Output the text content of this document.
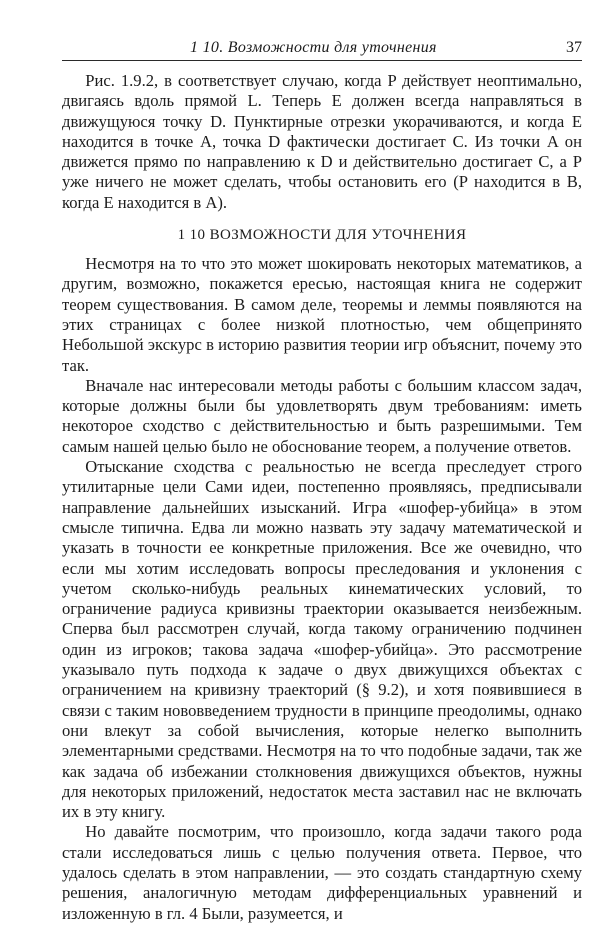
1 10. Возможности для уточнения	37

Рис. 1.9.2, в соответствует случаю, когда P действует неоптимально, двигаясь вдоль прямой L. Теперь E должен всегда направляться в движущуюся точку D. Пунктирные отрезки укорачиваются, и когда E находится в точке A, точка D фактически достигает C. Из точки A он движется прямо по направлению к D и действительно достигает C, а P уже ничего не может сделать, чтобы остановить его (P находится в B, когда E находится в A).

1 10 ВОЗМОЖНОСТИ ДЛЯ УТОЧНЕНИЯ

Несмотря на то что это может шокировать некоторых математиков, а другим, возможно, покажется ересью, настоящая книга не содержит теорем существования. В самом деле, теоремы и леммы появляются на этих страницах с более низкой плотностью, чем общепринято Небольшой экскурс в историю развития теории игр объяснит, почему это так.

Вначале нас интересовали методы работы с большим классом задач, которые должны были бы удовлетворять двум требованиям: иметь некоторое сходство с действительностью и быть разрешимыми. Тем самым нашей целью было не обоснование теорем, а получение ответов.

Отыскание сходства с реальностью не всегда преследует строго утилитарные цели Сами идеи, постепенно проявляясь, предписывали направление дальнейших изысканий. Игра «шофер-убийца» в этом смысле типична. Едва ли можно назвать эту задачу математической и указать в точности ее конкретные приложения. Все же очевидно, что если мы хотим исследовать вопросы преследования и уклонения с учетом сколько-нибудь реальных кинематических условий, то ограничение радиуса кривизны траектории оказывается неизбежным. Сперва был рассмотрен случай, когда такому ограничению подчинен один из игроков; такова задача «шофер-убийца». Это рассмотрение указывало путь подхода к задаче о двух движущихся объектах с ограничением на кривизну траекторий (§ 9.2), и хотя появившиеся в связи с таким нововведением трудности в принципе преодолимы, однако они влекут за собой вычисления, которые нелегко выполнить элементарными средствами. Несмотря на то что подобные задачи, так же как задача об избежании столкновения движущихся объектов, нужны для некоторых приложений, недостаток места заставил нас не включать их в эту книгу.

Но давайте посмотрим, что произошло, когда задачи такого рода стали исследоваться лишь с целью получения ответа. Первое, что удалось сделать в этом направлении, — это создать стандартную схему решения, аналогичную методам дифференциальных уравнений и изложенную в гл. 4 Были, разумеется, и
